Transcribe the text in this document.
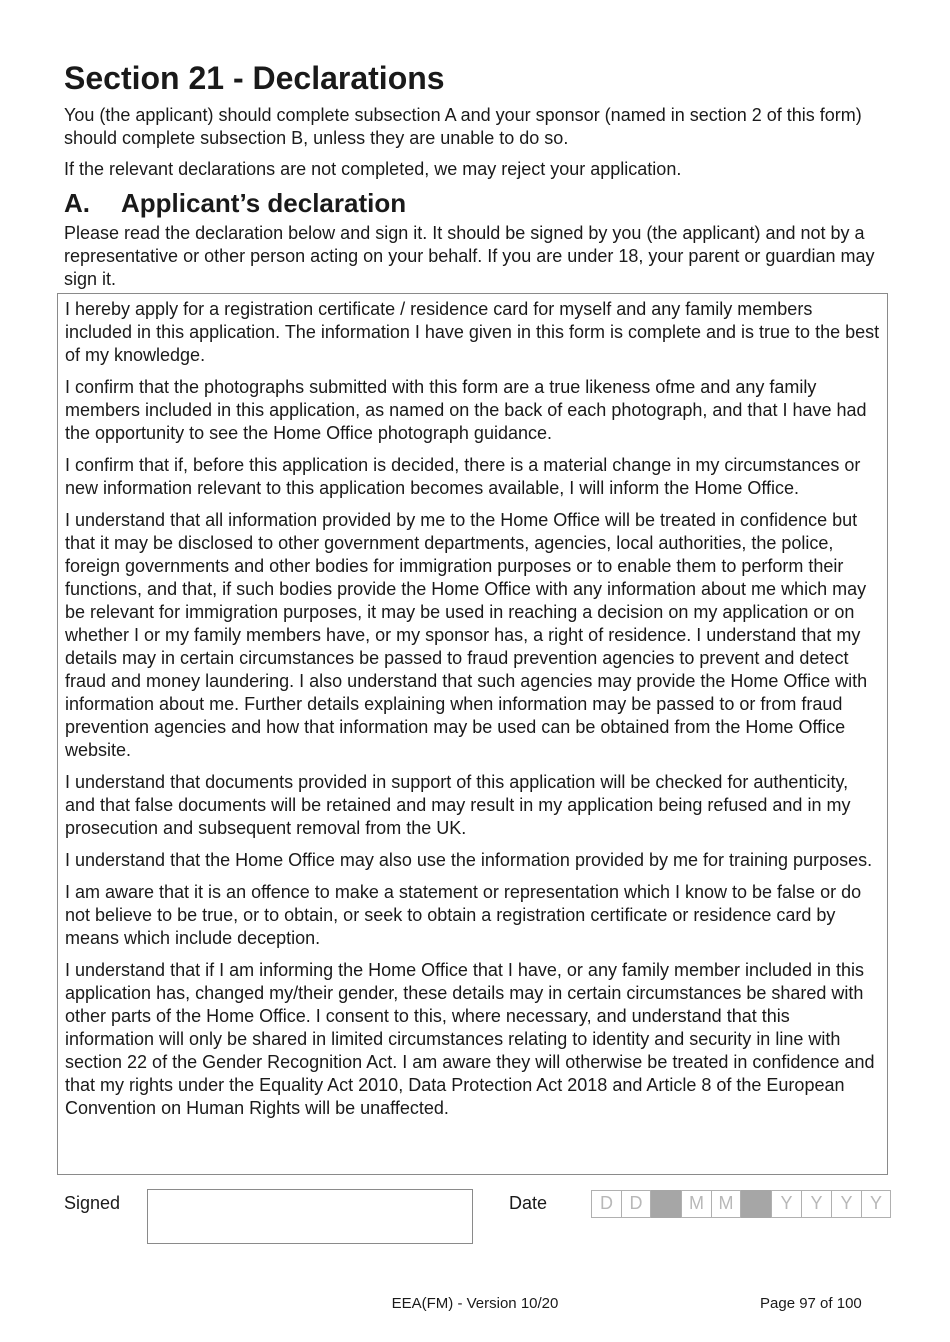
Section 21 - Declarations

You (the applicant) should complete subsection A and your sponsor (named in section 2 of this form) should complete subsection B, unless they are unable to do so.

If the relevant declarations are not completed, we may reject your application.

A. Applicant’s declaration

Please read the declaration below and sign it. It should be signed by you (the applicant) and not by a representative or other person acting on your behalf. If you are under 18, your parent or guardian may sign it.

I hereby apply for a registration certificate / residence card for myself and any family members included in this application. The information I have given in this form is complete and is true to the best of my knowledge.

I confirm that the photographs submitted with this form are a true likeness ofme and any family members included in this application, as named on the back of each photograph, and that I have had the opportunity to see the Home Office photograph guidance.

I confirm that if, before this application is decided, there is a material change in my circumstances or new information relevant to this application becomes available, I will inform the Home Office.

I understand that all information provided by me to the Home Office will be treated in confidence but that it may be disclosed to other government departments, agencies, local authorities, the police, foreign governments and other bodies for immigration purposes or to enable them to perform their functions, and that, if such bodies provide the Home Office with any information about me which may be relevant for immigration purposes, it may be used in reaching a decision on my application or on whether I or my family members have, or my sponsor has, a right of residence. I understand that my details may in certain circumstances be passed to fraud prevention agencies to prevent and detect fraud and money laundering. I also understand that such agencies may provide the Home Office with information about me. Further details explaining when information may be passed to or from fraud prevention agencies and how that information may be used can be obtained from the Home Office website.

I understand that documents provided in support of this application will be checked for authenticity, and that false documents will be retained and may result in my application being refused and in my prosecution and subsequent removal from the UK.

I understand that the Home Office may also use the information provided by me for training purposes.

I am aware that it is an offence to make a statement or representation which I know to be false or do not believe to be true, or to obtain, or seek to obtain a registration certificate or residence card by means which include deception.

I understand that if I am informing the Home Office that I have, or any family member included in this application has, changed my/their gender, these details may in certain circumstances be shared with other parts of the Home Office. I consent to this, where necessary, and understand that this information will only be shared in limited circumstances relating to identity and security in line with section 22 of the Gender Recognition Act. I am aware they will otherwise be treated in confidence and that my rights under the Equality Act 2010, Data Protection Act 2018 and Article 8 of the European Convention on Human Rights will be unaffected.

Signed	Date	D D	M M	Y Y Y Y
EEA(FM) - Version 10/20	Page 97 of 100
